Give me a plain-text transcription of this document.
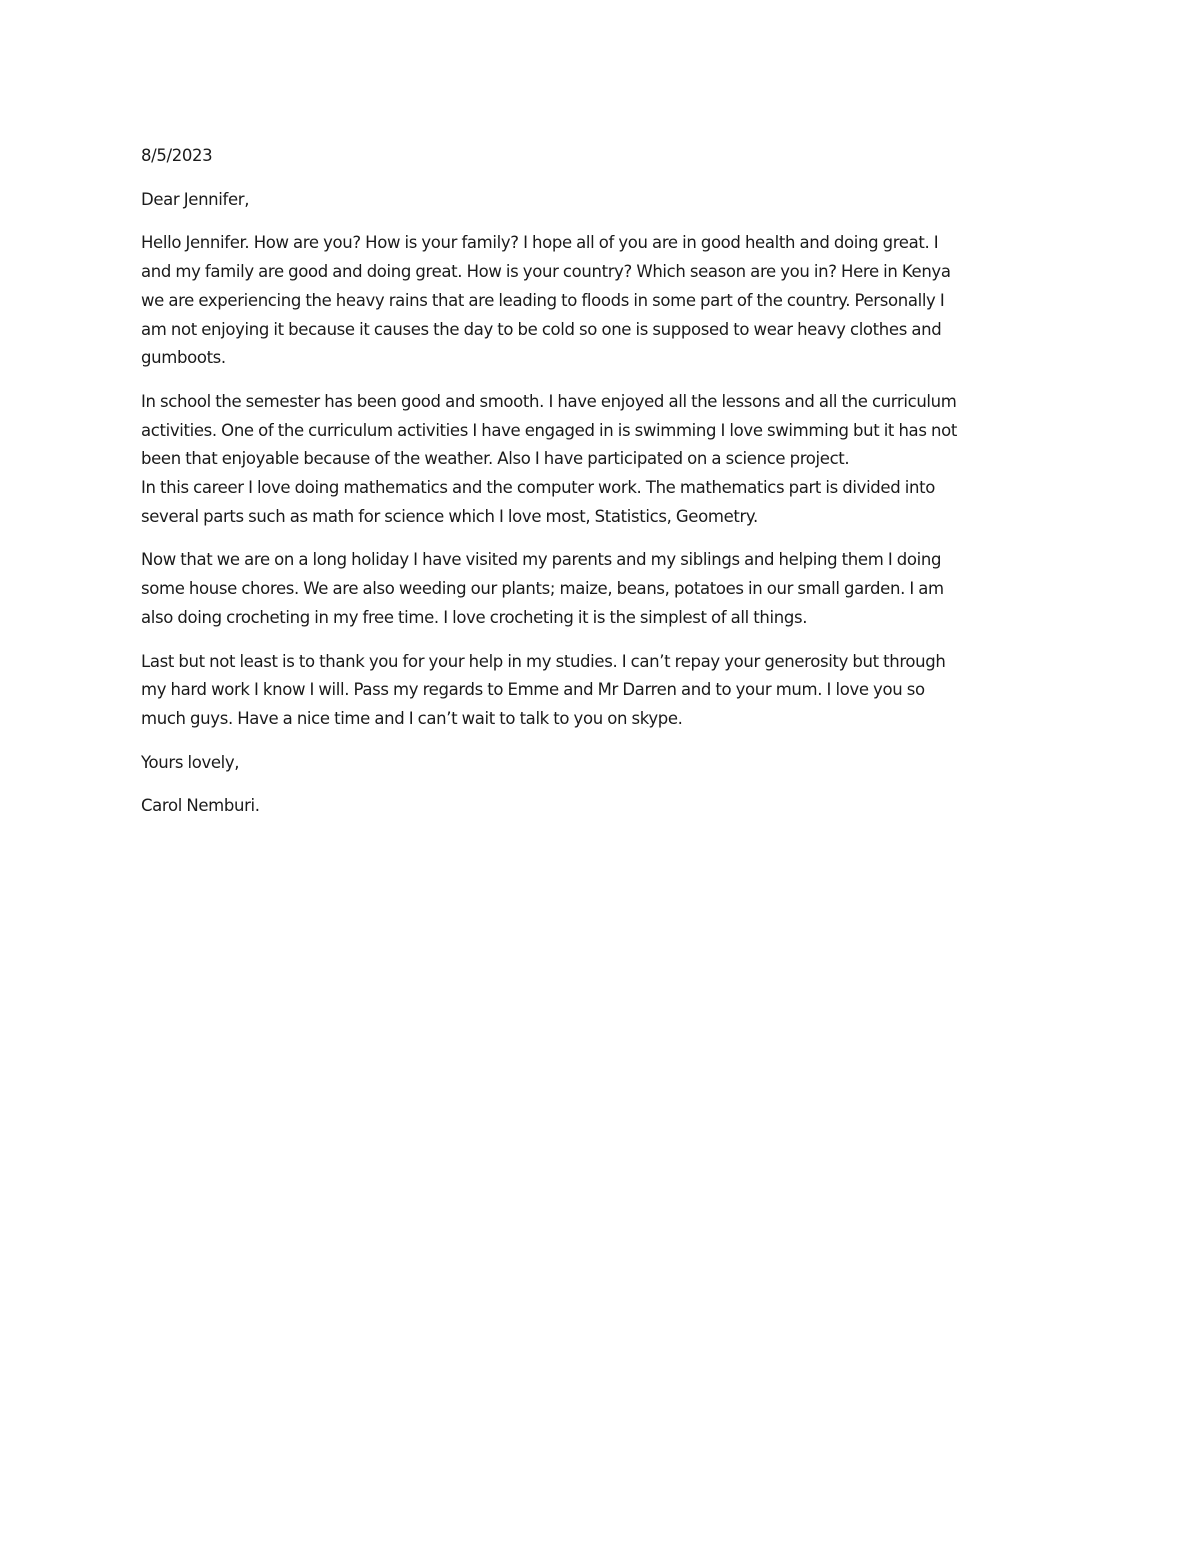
8/5/2023

Dear Jennifer,

Hello Jennifer. How are you? How is your family? I hope all of you are in good health and doing great. I
and my family are good and doing great. How is your country? Which season are you in? Here in Kenya
we are experiencing the heavy rains that are leading to floods in some part of the country. Personally I
am not enjoying it because it causes the day to be cold so one is supposed to wear heavy clothes and
gumboots.

In school the semester has been good and smooth. I have enjoyed all the lessons and all the curriculum
activities. One of the curriculum activities I have engaged in is swimming I love swimming but it has not
been that enjoyable because of the weather. Also I have participated on a science project.

In this career I love doing mathematics and the computer work. The mathematics part is divided into
several parts such as math for science which I love most, Statistics, Geometry.

Now that we are on a long holiday I have visited my parents and my siblings and helping them I doing
some house chores. We are also weeding our plants; maize, beans, potatoes in our small garden. I am
also doing crocheting in my free time. I love crocheting it is the simplest of all things.

Last but not least is to thank you for your help in my studies. I can’t repay your generosity but through
my hard work I know I will. Pass my regards to Emme and Mr Darren and to your mum. I love you so
much guys. Have a nice time and I can’t wait to talk to you on skype.

Yours lovely,

Carol Nemburi.
